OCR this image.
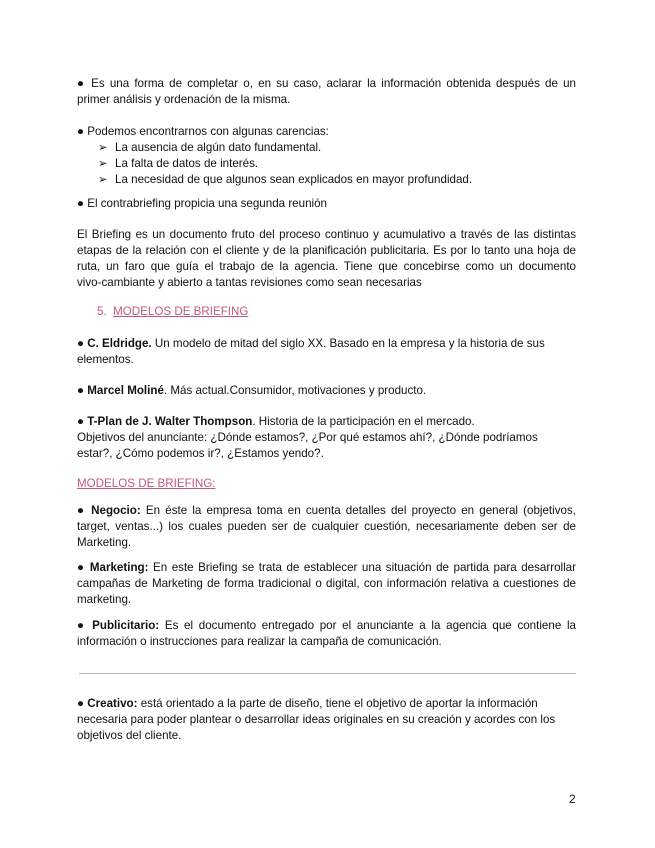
● Es una forma de completar o, en su caso, aclarar la información obtenida después de un
primer análisis y ordenación de la misma.
● Podemos encontrarnos con algunas carencias:
➢ La ausencia de algún dato fundamental.
➢ La falta de datos de interés.
➢ La necesidad de que algunos sean explicados en mayor profundidad.
● El contrabriefing propicia una segunda reunión
El Briefing es un documento fruto del proceso continuo y acumulativo a través de las distintas
etapas de la relación con el cliente y de la planificación publicitaria. Es por lo tanto una hoja de
ruta, un faro que guía el trabajo de la agencia. Tiene que concebirse como un documento
vivo-cambiante y abierto a tantas revisiones como sean necesarias
5. MODELOS DE BRIEFING
● C. Eldridge. Un modelo de mitad del siglo XX. Basado en la empresa y la historia de sus
elementos.
● Marcel Moliné. Más actual.Consumidor, motivaciones y producto.
● T-Plan de J. Walter Thompson. Historia de la participación en el mercado.
Objetivos del anunciante: ¿Dónde estamos?, ¿Por qué estamos ahí?, ¿Dónde podríamos
estar?, ¿Cómo podemos ir?, ¿Estamos yendo?.
MODELOS DE BRIEFING:
● Negocio: En éste la empresa toma en cuenta detalles del proyecto en general (objetivos,
target, ventas...) los cuales pueden ser de cualquier cuestión, necesariamente deben ser de
Marketing.
● Marketing: En este Briefing se trata de establecer una situación de partida para desarrollar
campañas de Marketing de forma tradicional o digital, con información relativa a cuestiones de
marketing.
● Publicitario: Es el documento entregado por el anunciante a la agencia que contiene la
información o instrucciones para realizar la campaña de comunicación.
● Creativo: está orientado a la parte de diseño, tiene el objetivo de aportar la información
necesaria para poder plantear o desarrollar ideas originales en su creación y acordes con los
objetivos del cliente.
2
